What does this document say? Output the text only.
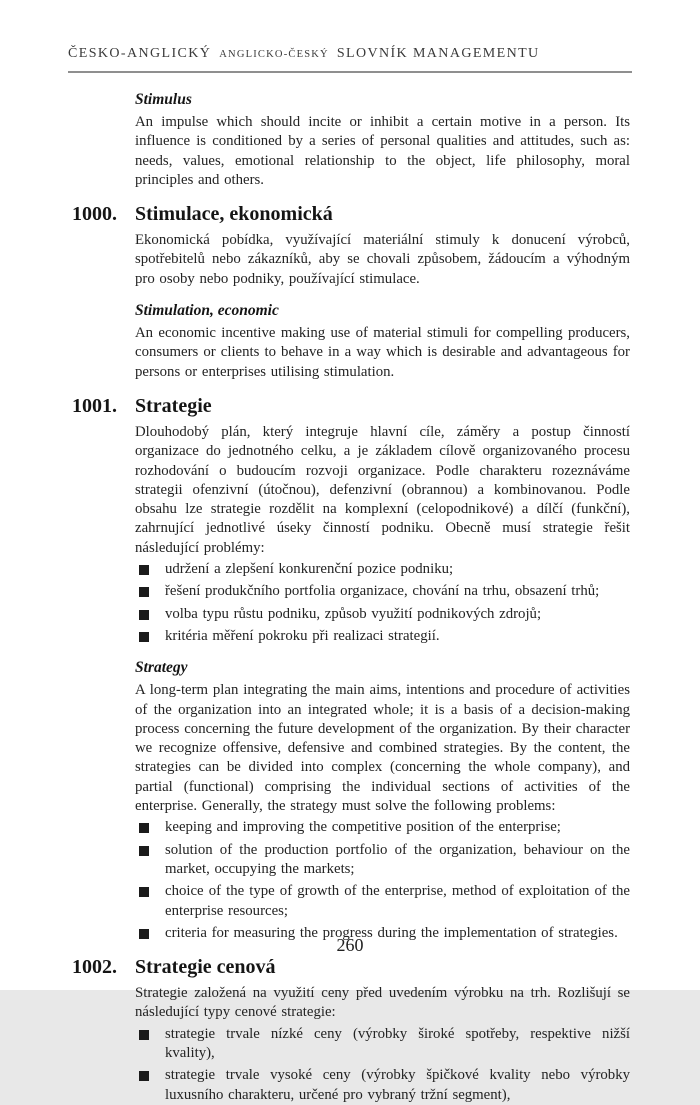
ČESKO-ANGLICKÝ ANGLICKO-ČESKÝ SLOVNÍK MANAGEMENTU
Stimulus

An impulse which should incite or inhibit a certain motive in a person. Its influence is conditioned by a series of personal qualities and attitudes, such as: needs, values, emotional relationship to the object, life philosophy, moral principles and others.

1000. Stimulace, ekonomická

Ekonomická pobídka, využívající materiální stimuly k donucení výrobců, spotřebitelů nebo zákazníků, aby se chovali způsobem, žádoucím a výhodným pro osoby nebo podniky, používající stimulace.

Stimulation, economic

An economic incentive making use of material stimuli for compelling producers, consumers or clients to behave in a way which is desirable and advantageous for persons or enterprises utilising stimulation.

1001. Strategie

Dlouhodobý plán, který integruje hlavní cíle, záměry a postup činností organizace do jednotného celku, a je základem cílově organizovaného procesu rozhodování o budoucím rozvoji organizace. Podle charakteru rozeznáváme strategii ofenzivní (útočnou), defenzivní (obrannou) a kombinovanou. Podle obsahu lze strategie rozdělit na komplexní (celopodnikové) a dílčí (funkční), zahrnující jednotlivé úseky činností podniku. Obecně musí strategie řešit následující problémy:

udržení a zlepšení konkurenční pozice podniku;
řešení produkčního portfolia organizace, chování na trhu, obsazení trhů;
volba typu růstu podniku, způsob využití podnikových zdrojů;
kritéria měření pokroku při realizaci strategií.
Strategy

A long-term plan integrating the main aims, intentions and procedure of activities of the organization into an integrated whole; it is a basis of a decision-making process concerning the future development of the organization. By their character we recognize offensive, defensive and combined strategies. By the content, the strategies can be divided into complex (concerning the whole company), and partial (functional) comprising the individual sections of activities of the enterprise. Generally, the strategy must solve the following problems:

keeping and improving the competitive position of the enterprise;
solution of the production portfolio of the organization, behaviour on the market, occupying the markets;
choice of the type of growth of the enterprise, method of exploitation of the enterprise resources;
criteria for measuring the progress during the implementation of strategies.
1002. Strategie cenová

Strategie založená na využití ceny před uvedením výrobku na trh. Rozlišují se následující typy cenové strategie:

strategie trvale nízké ceny (výrobky široké spotřeby, respektive nižší kvality),
strategie trvale vysoké ceny (výrobky špičkové kvality nebo výrobky luxusního charakteru, určené pro vybraný tržní segment),
260
